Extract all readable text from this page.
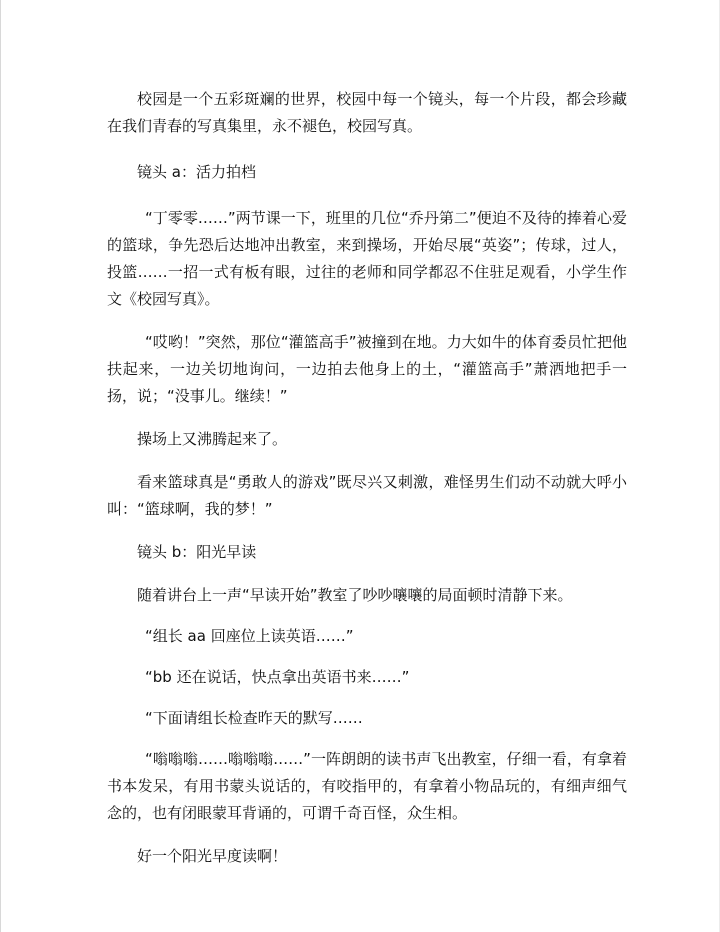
校园是一个五彩斑斓的世界，校园中每一个镜头，每一个片段，都会珍藏在我们青春的写真集里，永不褪色，校园写真。

镜头 a：活力拍档

“丁零零……”两节课一下，班里的几位“乔丹第二”便迫不及待的捧着心爱的篮球，争先恐后达地冲出教室，来到操场，开始尽展“英姿”；传球，过人，投篮……一招一式有板有眼，过往的老师和同学都忍不住驻足观看，小学生作文《校园写真》。

“哎哟！”突然，那位“灌篮高手”被撞到在地。力大如牛的体育委员忙把他扶起来，一边关切地询问，一边拍去他身上的土，“灌篮高手”萧洒地把手一扬，说；“没事儿。继续！”

操场上又沸腾起来了。

看来篮球真是“勇敢人的游戏”既尽兴又刺激，难怪男生们动不动就大呼小叫：“篮球啊，我的梦！”

镜头 b：阳光早读

随着讲台上一声“早读开始”教室了吵吵嚷嚷的局面顿时清静下来。

“组长 aa 回座位上读英语……”

“bb 还在说话，快点拿出英语书来……”

“下面请组长检查昨天的默写……

“嗡嗡嗡……嗡嗡嗡……”一阵朗朗的读书声飞出教室，仔细一看，有拿着书本发呆，有用书蒙头说话的，有咬指甲的，有拿着小物品玩的，有细声细气念的，也有闭眼蒙耳背诵的，可谓千奇百怪，众生相。

好一个阳光早度读啊！
